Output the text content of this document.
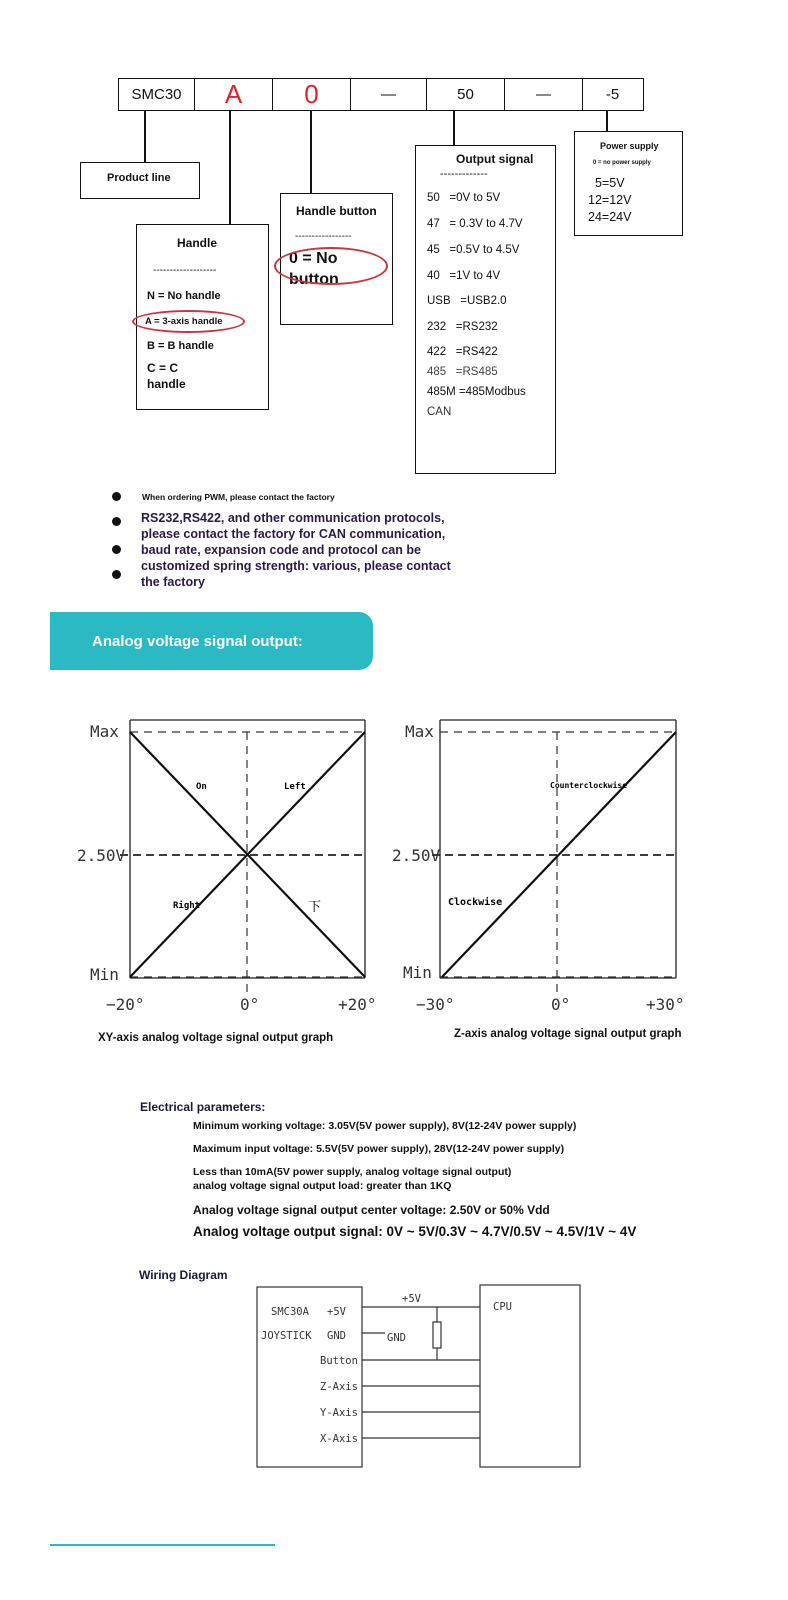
SMC30	A	0	—	50	—	-5
Product line
Handle
-------------------
N = No handle
A = 3-axis handle
B = B handle
C = C
handle
Handle button
-----------------
0 = No
button
Output signal
-------------
50   =0V to 5V
47   = 0.3V to 4.7V
45   =0.5V to 4.5V
40   =1V to 4V
USB   =USB2.0
232   =RS232
422   =RS422
485   =RS485
485M =485Modbus
CAN
Power supply
0 = no power supply
5=5V
12=12V
24=24V
When ordering PWM, please contact the factory
RS232,RS422, and other communication protocols,
please contact the factory for CAN communication,
baud rate, expansion code and protocol can be
customized spring strength: various, please contact
the factory
Analog voltage signal output:
Max
2.50V
Min
−20°	0°	+20°
On	Left
Right	下
Max
2.50V
Min
−30°	0°	+30°
Counterclockwise
Clockwise
XY-axis analog voltage signal output graph	Z-axis analog voltage signal output graph
Electrical parameters:
Minimum working voltage: 3.05V(5V power supply), 8V(12-24V power supply)
Maximum input voltage: 5.5V(5V power supply), 28V(12-24V power supply)
Less than 10mA(5V power supply, analog voltage signal output)
analog voltage signal output load: greater than 1KQ
Analog voltage signal output center voltage: 2.50V or 50% Vdd
Analog voltage output signal: 0V ~ 5V/0.3V ~ 4.7V/0.5V ~ 4.5V/1V ~ 4V
Wiring Diagram
SMC30A
JOYSTICK
+5V
GND
Button
Z-Axis
Y-Axis
X-Axis
+5V
GND
CPU
